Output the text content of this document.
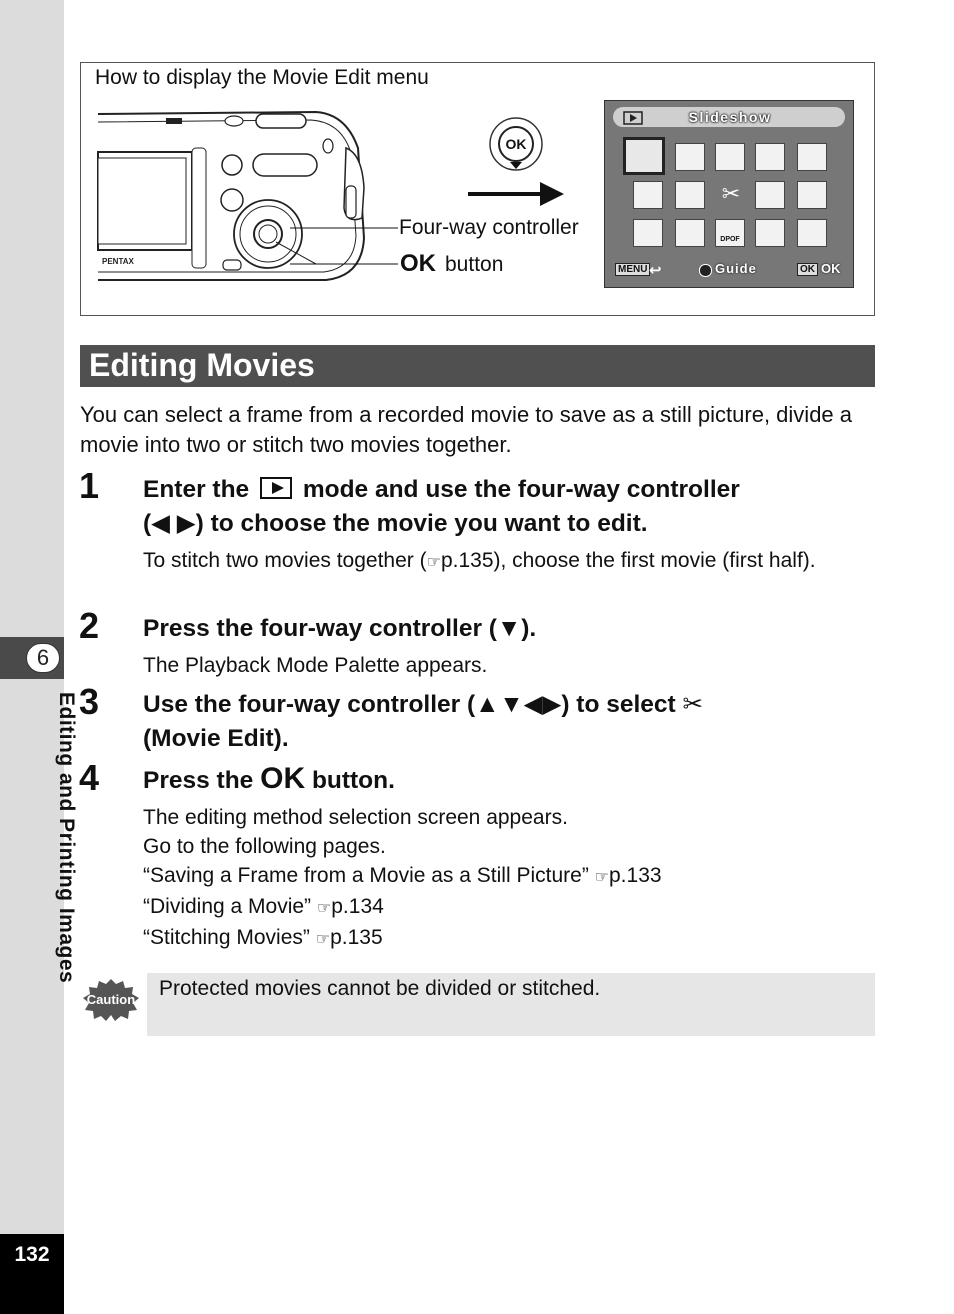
6
Editing and Printing Images
132
How to display the Movie Edit menu
PENTAX
OK
Four-way controller
OK button
Slideshow
✂
DPOF
MENU ↩	Guide	OK OK
Editing Movies
You can select a frame from a recorded movie to save as a still picture, divide a movie into two or stitch two movies together.
1 Enter the mode and use the four-way controller
(◀ ▶) to choose the movie you want to edit.
To stitch two movies together (☞p.135), choose the first movie (first half).
2 Press the four-way controller (▼).
The Playback Mode Palette appears.
3 Use the four-way controller (▲▼◀▶) to select ✂
(Movie Edit).
4 Press the OK button.
The editing method selection screen appears.
Go to the following pages.
“Saving a Frame from a Movie as a Still Picture” ☞p.133
“Dividing a Movie” ☞p.134
“Stitching Movies” ☞p.135
Caution Protected movies cannot be divided or stitched.
